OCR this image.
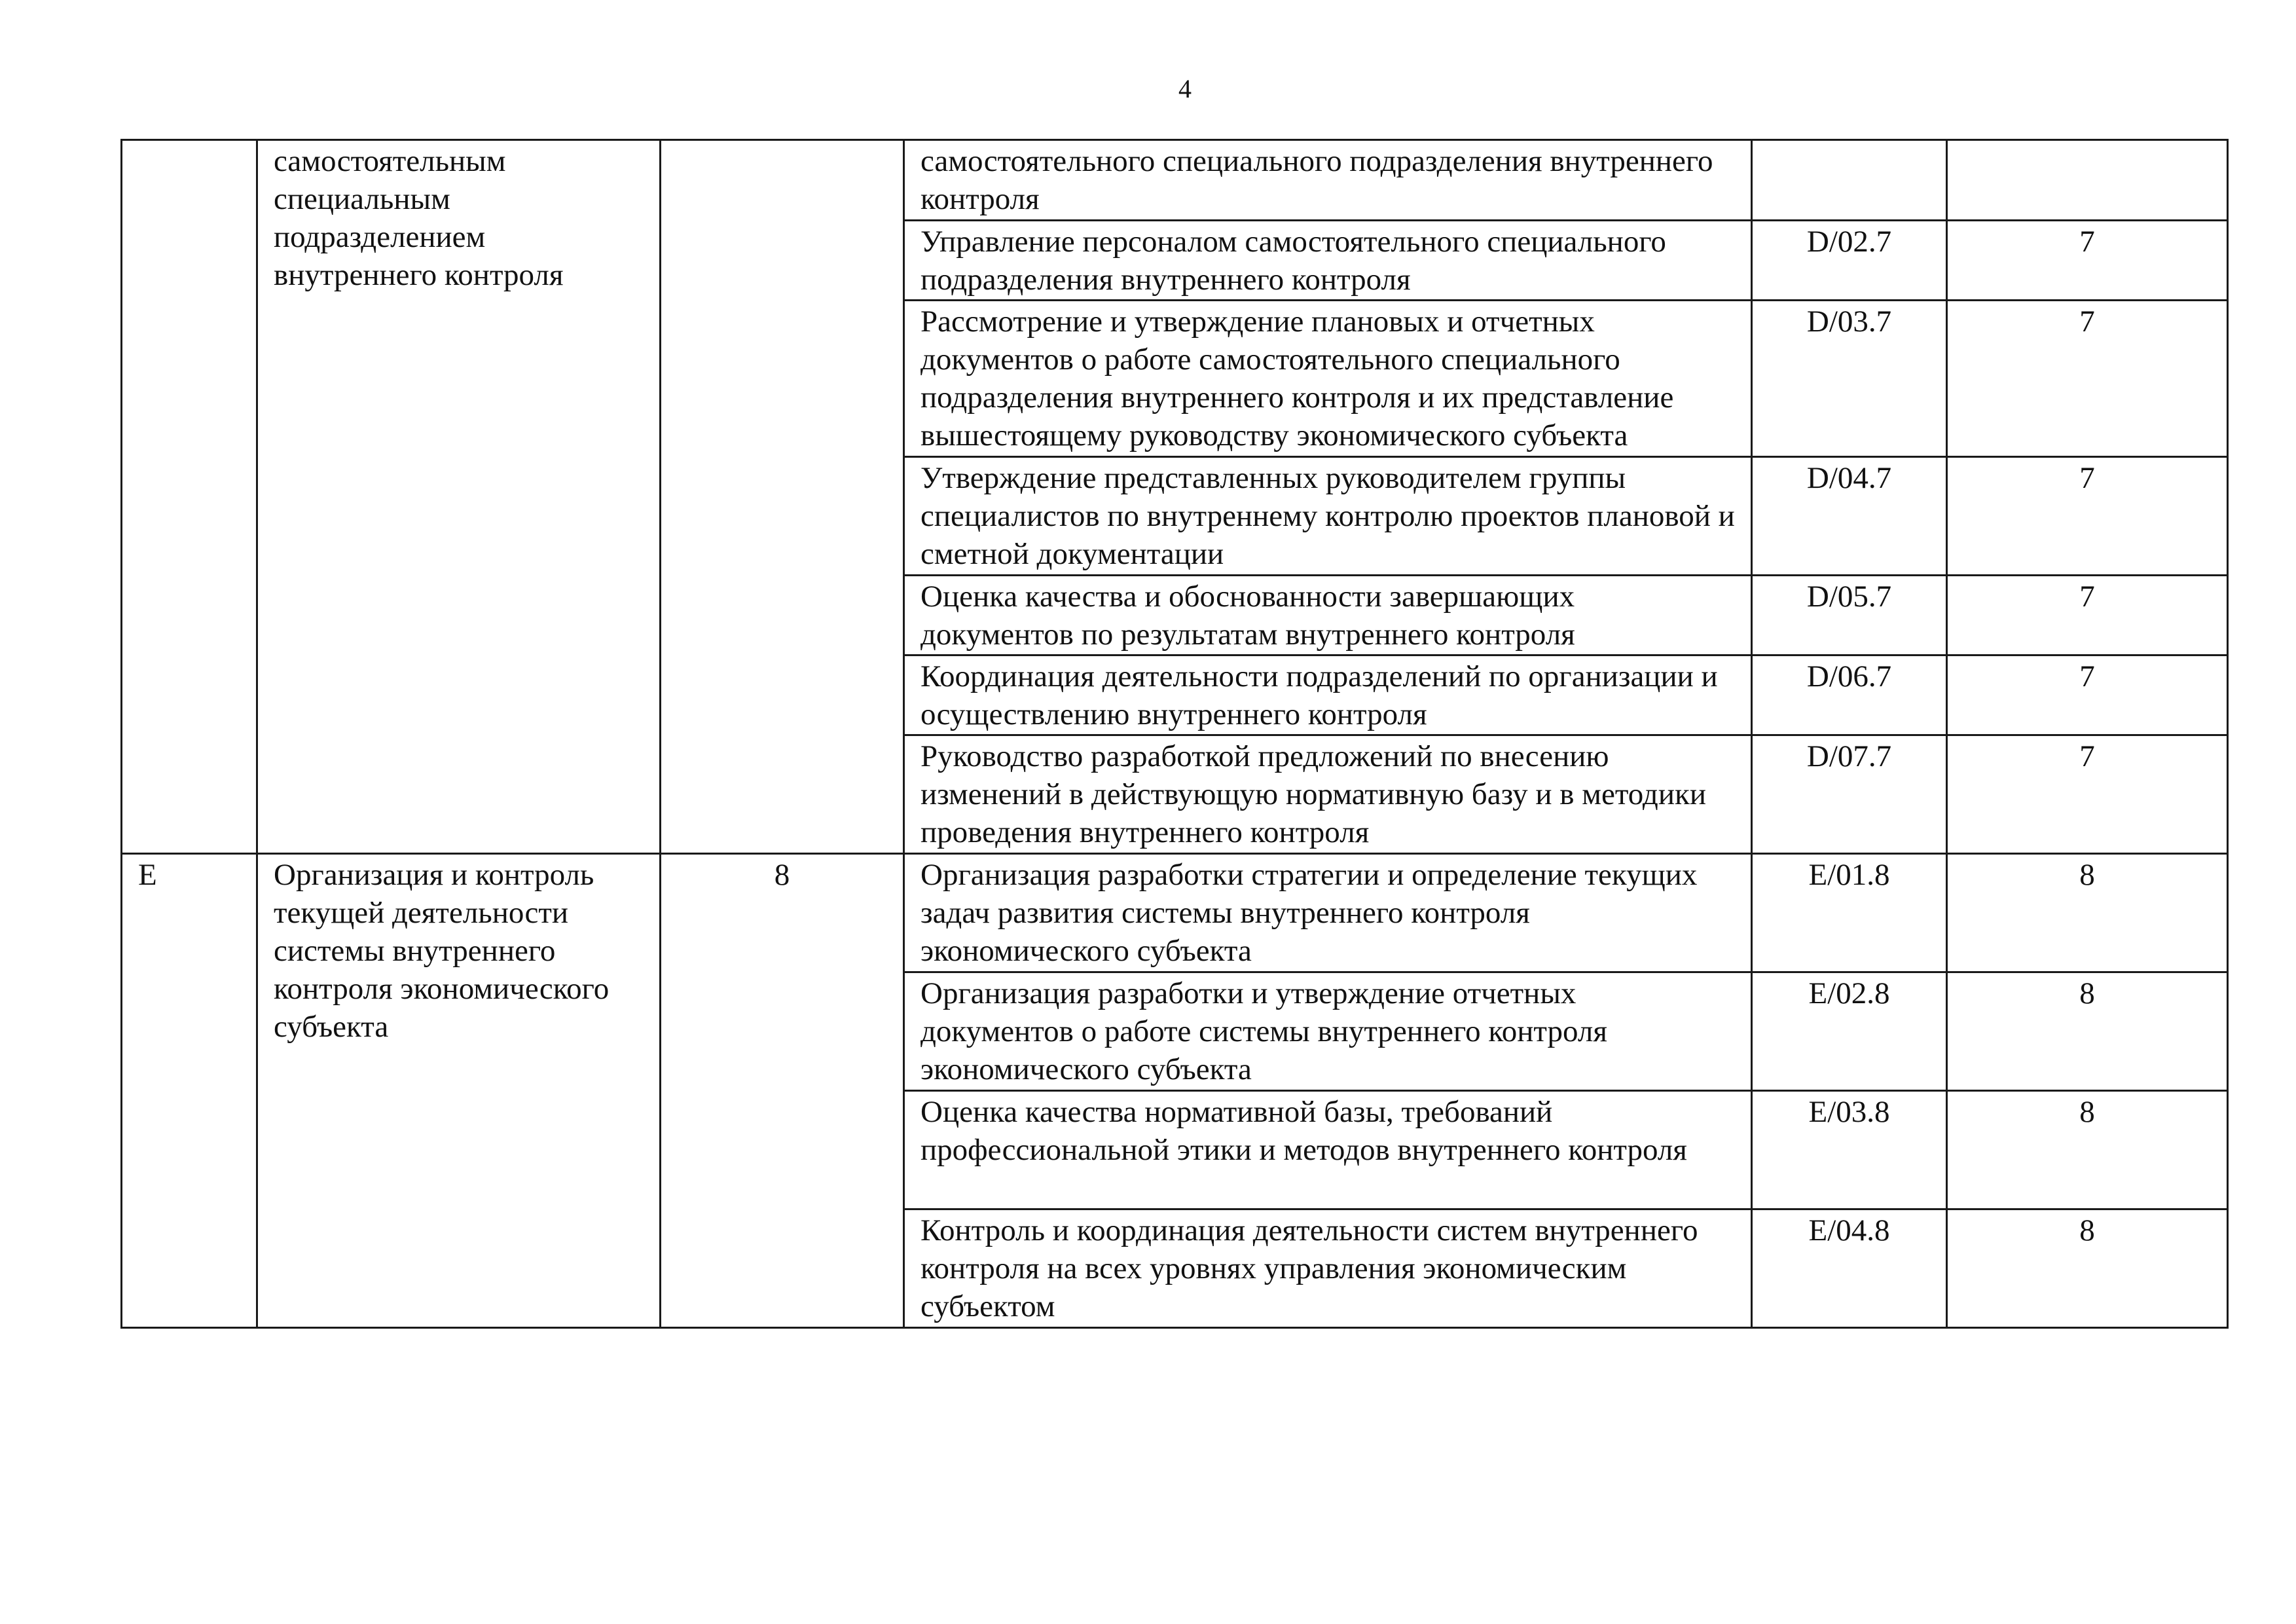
4
	самостоятельным специальным подразделением внутреннего контроля		самостоятельного специального подразделения внутреннего контроля		
			Управление персоналом самостоятельного специального подразделения внутреннего контроля	D/02.7	7
			Рассмотрение и утверждение плановых и отчетных документов о работе самостоятельного специального подразделения внутреннего контроля и их представление вышестоящему руководству экономического субъекта	D/03.7	7
			Утверждение представленных руководителем группы специалистов по внутреннему контролю проектов плановой и сметной документации	D/04.7	7
			Оценка качества и обоснованности завершающих документов по результатам внутреннего контроля	D/05.7	7
			Координация деятельности подразделений по организации и осуществлению внутреннего контроля	D/06.7	7
			Руководство разработкой предложений по внесению изменений в действующую нормативную базу и в методики проведения внутреннего контроля	D/07.7	7
E	Организация и контроль текущей деятельности системы внутреннего контроля экономического субъекта	8	Организация разработки стратегии и определение текущих задач развития системы внутреннего контроля экономического субъекта	E/01.8	8
			Организация разработки и утверждение отчетных документов о работе системы внутреннего контроля экономического субъекта	E/02.8	8
			Оценка качества нормативной базы, требований профессиональной этики и методов внутреннего контроля	E/03.8	8
			Контроль и координация деятельности систем внутреннего контроля на всех уровнях управления экономическим субъектом	E/04.8	8
